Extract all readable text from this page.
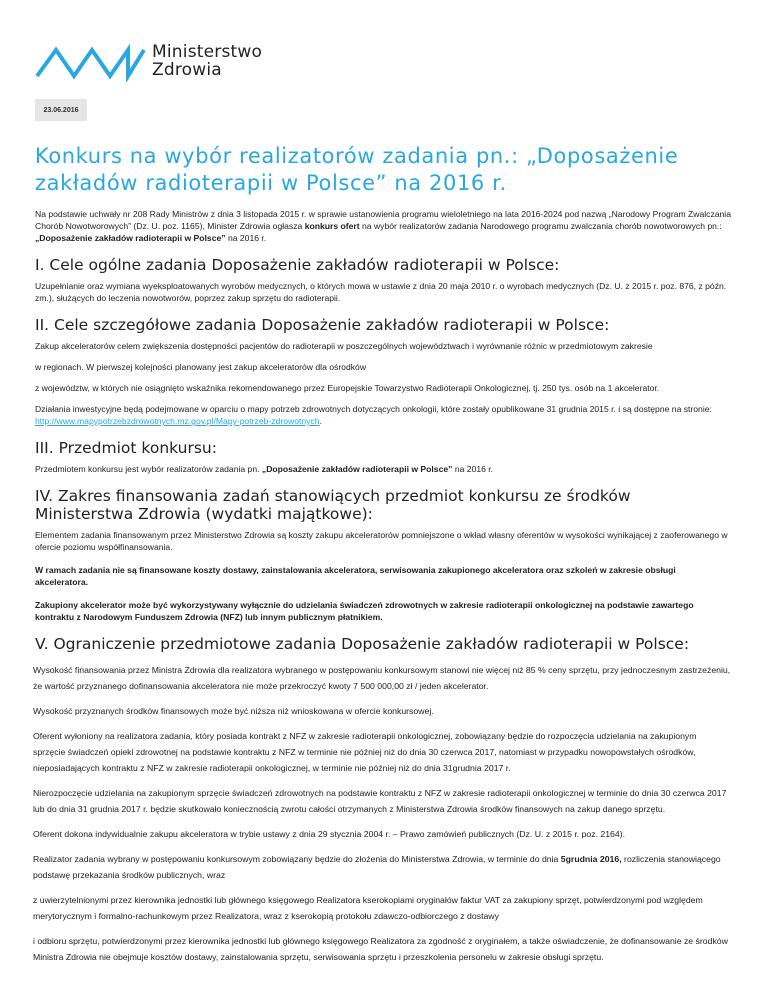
Ministerstwo
Zdrowia
23.06.2016
Konkurs na wybór realizatorów zadania pn.: „Doposażenie zakładów radioterapii w Polsce” na 2016 r.

Na podstawie uchwały nr 208 Rady Ministrów z dnia 3 listopada 2015 r. w sprawie ustanowienia programu wieloletniego na lata 2016-2024 pod nazwą „Narodowy Program Zwalczania Chorób Nowotworowych” (Dz. U. poz. 1165), Minister Zdrowia ogłasza konkurs ofert na wybór realizatorów zadania Narodowego programu zwalczania chorób nowotworowych pn.: „Doposażenie zakładów radioterapii w Polsce” na 2016 r.

I. Cele ogólne zadania Doposażenie zakładów radioterapii w Polsce:

Uzupełnianie oraz wymiana wyeksploatowanych wyrobów medycznych, o których mowa w ustawie z dnia 20 maja 2010 r. o wyrobach medycznych (Dz. U. z 2015 r. poz. 876, z późn. zm.), służących do leczenia nowotworów, poprzez zakup sprzętu do radioterapii.

II. Cele szczegółowe zadania Doposażenie zakładów radioterapii w Polsce:

Zakup akceleratorów celem zwiększenia dostępności pacjentów do radioterapii w poszczególnych województwach i wyrównanie różnic w przedmiotowym zakresie

w regionach. W pierwszej kolejności planowany jest zakup akceleratorów dla ośrodków

z województw, w których nie osiągnięto wskaźnika rekomendowanego przez Europejskie Towarzystwo Radioterapii Onkologicznej, tj. 250 tys. osób na 1 akcelerator.

Działania inwestycyjne będą podejmowane w oparciu o mapy potrzeb zdrowotnych dotyczących onkologii, które zostały opublikowane 31 grudnia 2015 r. i są dostępne na stronie: http://www.mapypotrzebzdrowotnych.mz.gov.pl/Mapy-potrzeb-zdrowotnych.

III. Przedmiot konkursu:

Przedmiotem konkursu jest wybór realizatorów zadania pn. „Doposażenie zakładów radioterapii w Polsce” na 2016 r.

IV. Zakres finansowania zadań stanowiących przedmiot konkursu ze środków Ministerstwa Zdrowia (wydatki majątkowe):

Elementem zadania finansowanym przez Ministerstwo Zdrowia są koszty zakupu akceleratorów pomniejszone o wkład własny oferentów w wysokości wynikającej z zaoferowanego w ofercie poziomu współfinansowania.

W ramach zadania nie są finansowane koszty dostawy, zainstalowania akceleratora, serwisowania zakupionego akceleratora oraz szkoleń w zakresie obsługi akceleratora.

Zakupiony akcelerator może być wykorzystywany wyłącznie do udzielania świadczeń zdrowotnych w zakresie radioterapii onkologicznej na podstawie zawartego kontraktu z Narodowym Funduszem Zdrowia (NFZ) lub innym publicznym płatnikiem.

V. Ograniczenie przedmiotowe zadania Doposażenie zakładów radioterapii w Polsce:

Wysokość finansowania przez Ministra Zdrowia dla realizatora wybranego w postępowaniu konkursowym stanowi nie więcej niż 85 % ceny sprzętu, przy jednoczesnym zastrzeżeniu, że wartość przyznanego dofinansowania akceleratora nie może przekroczyć kwoty 7 500 000,00 zł / jeden akcelerator.

Wysokość przyznanych środków finansowych może być niższa niż wnioskowana w ofercie konkursowej.

Oferent wyłoniony na realizatora zadania, który posiada kontrakt z NFZ w zakresie radioterapii onkologicznej, zobowiązany będzie do rozpoczęcia udzielania na zakupionym sprzęcie świadczeń opieki zdrowotnej na podstawie kontraktu z NFZ w terminie nie później niż do dnia 30 czerwca 2017, natomiast w przypadku nowopowstałych ośrodków, nieposiadających kontraktu z NFZ w zakresie radioterapii onkologicznej, w terminie nie później niż do dnia 31grudnia 2017 r.

Nierozpoczęcie udzielania na zakupionym sprzęcie świadczeń zdrowotnych na podstawie kontraktu z NFZ w zakresie radioterapii onkologicznej w terminie do dnia 30 czerwca 2017 lub do dnia 31 grudnia 2017 r. będzie skutkowało koniecznością zwrotu całości otrzymanych z Ministerstwa Zdrowia środków finansowych na zakup danego sprzętu.

Oferent dokona indywidualnie zakupu akceleratora w trybie ustawy z dnia 29 stycznia 2004 r. – Prawo zamówień publicznych (Dz. U. z 2015 r. poz. 2164).

Realizator zadania wybrany w postępowaniu konkursowym zobowiązany będzie do złożenia do Ministerstwa Zdrowia, w terminie do dnia 5grudnia 2016, rozliczenia stanowiącego podstawę przekazania środków publicznych, wraz

z uwierzytelnionymi przez kierownika jednostki lub głównego księgowego Realizatora kserokopiami oryginałów faktur VAT za zakupiony sprzęt, potwierdzonymi pod względem merytorycznym i formalno-rachunkowym przez Realizatora, wraz z kserokopią protokołu zdawczo-odbiorczego z dostawy

i odbioru sprzętu, potwierdzonymi przez kierownika jednostki lub głównego księgowego Realizatora za zgodność z oryginałem, a także oświadczenie, że dofinansowanie ze środków Ministra Zdrowia nie obejmuje kosztów dostawy, zainstalowania sprzętu, serwisowania sprzętu i przeszkolenia personelu w zakresie obsługi sprzętu.
